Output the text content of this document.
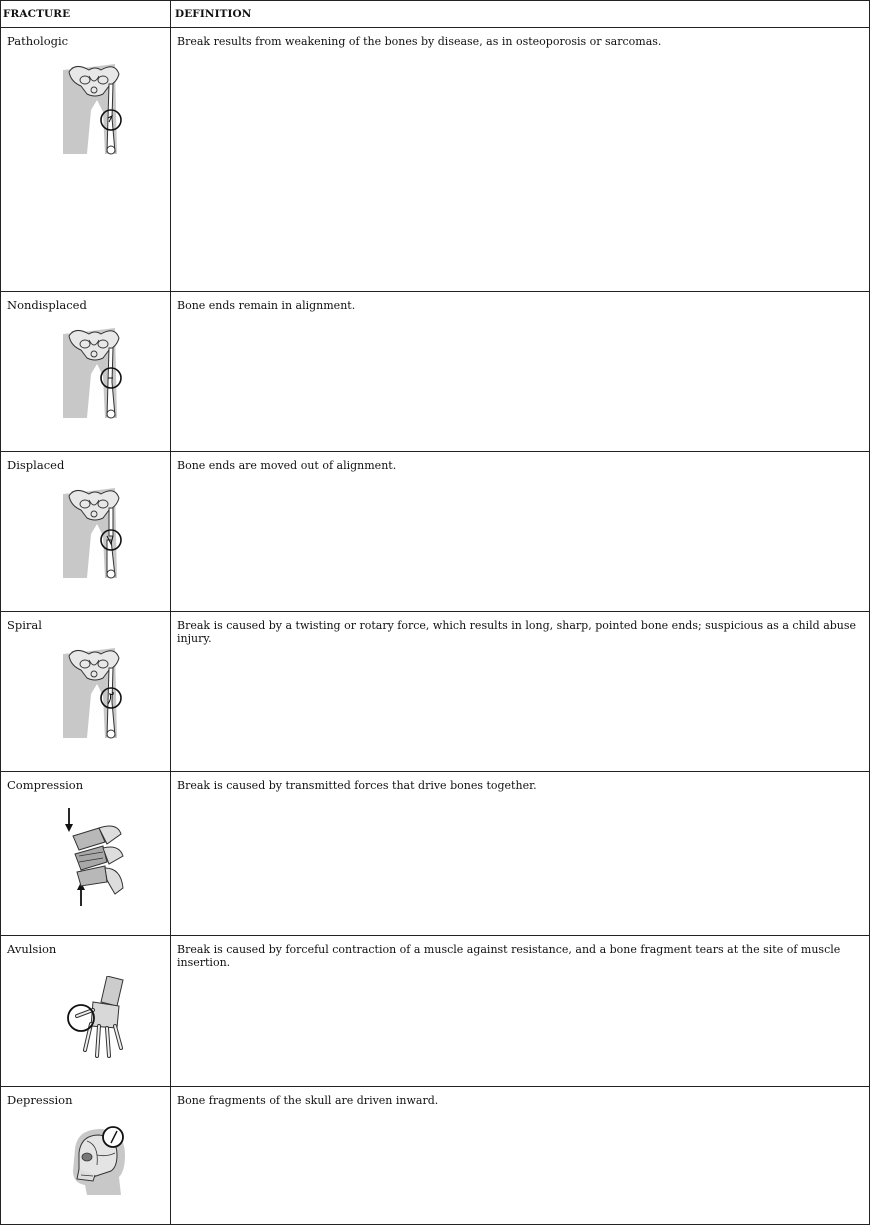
FRACTURE	DEFINITION

Pathologic	Break results from weakening of the bones by disease, as in osteoporosis or sarcomas.

Nondisplaced	Bone ends remain in alignment.

Displaced	Bone ends are moved out of alignment.

Spiral	Break is caused by a twisting or rotary force, which results in long, sharp, pointed bone ends; suspicious as a child abuse injury.

Compression	Break is caused by transmitted forces that drive bones together.

Avulsion	Break is caused by forceful contraction of a muscle against resistance, and a bone fragment tears at the site of muscle insertion.

Depression	Bone fragments of the skull are driven inward.
